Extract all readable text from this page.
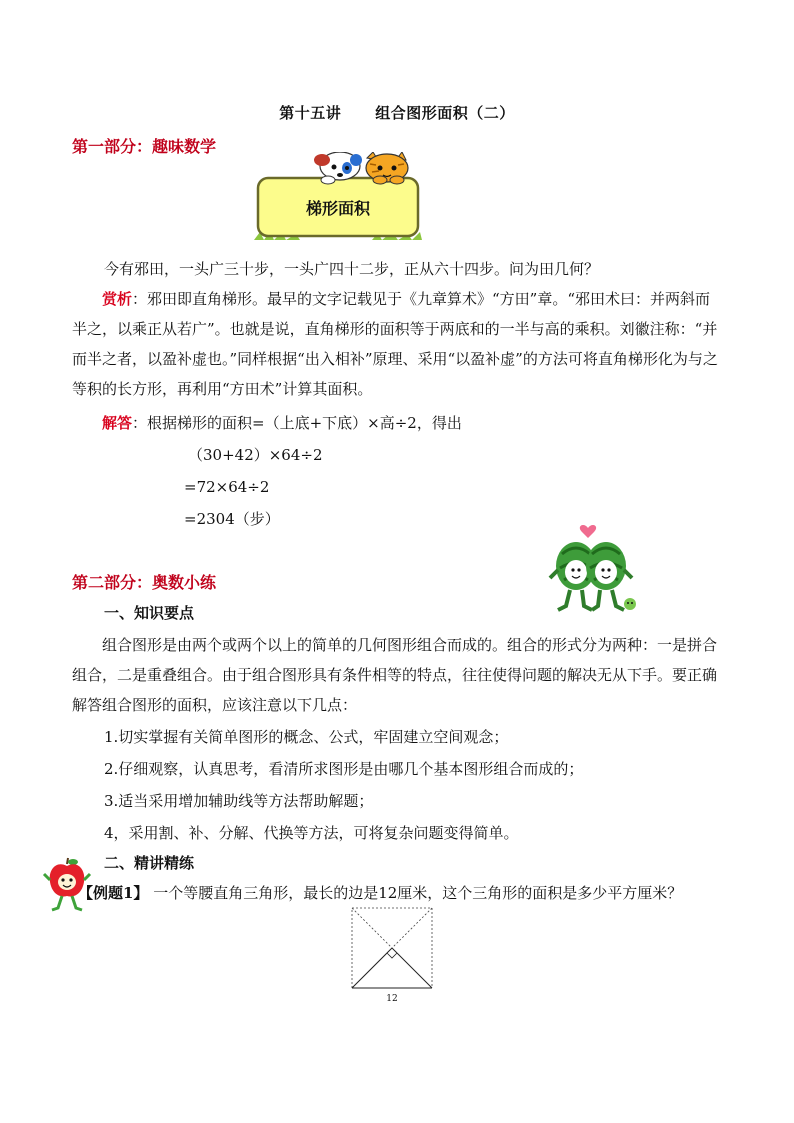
第十五讲 组合图形面积（二）
第一部分：趣味数学
梯形面积
今有邪田，一头广三十步，一头广四十二步，正从六十四步。问为田几何？
赏析：邪田即直角梯形。最早的文字记载见于《九章算术》“方田”章。“邪田术曰：并两斜而半之，以乘正从若广”。也就是说，直角梯形的面积等于两底和的一半与高的乘积。刘徽注称：“并而半之者，以盈补虚也。”同样根据“出入相补”原理、采用“以盈补虚”的方法可将直角梯形化为与之等积的长方形，再利用“方田术”计算其面积。
解答：根据梯形的面积=（上底+下底）×高÷2，得出
（30+42）×64÷2
=72×64÷2
=2304（步）
第二部分：奥数小练
一、知识要点
组合图形是由两个或两个以上的简单的几何图形组合而成的。组合的形式分为两种：一是拼合组合，二是重叠组合。由于组合图形具有条件相等的特点，往往使得问题的解决无从下手。要正确解答组合图形的面积，应该注意以下几点：
1.切实掌握有关简单图形的概念、公式，牢固建立空间观念；
2.仔细观察，认真思考，看清所求图形是由哪几个基本图形组合而成的；
3.适当采用增加辅助线等方法帮助解题；
4，采用割、补、分解、代换等方法，可将复杂问题变得简单。
二、精讲精练
【例题1】 一个等腰直角三角形，最长的边是12厘米，这个三角形的面积是多少平方厘米？
12
